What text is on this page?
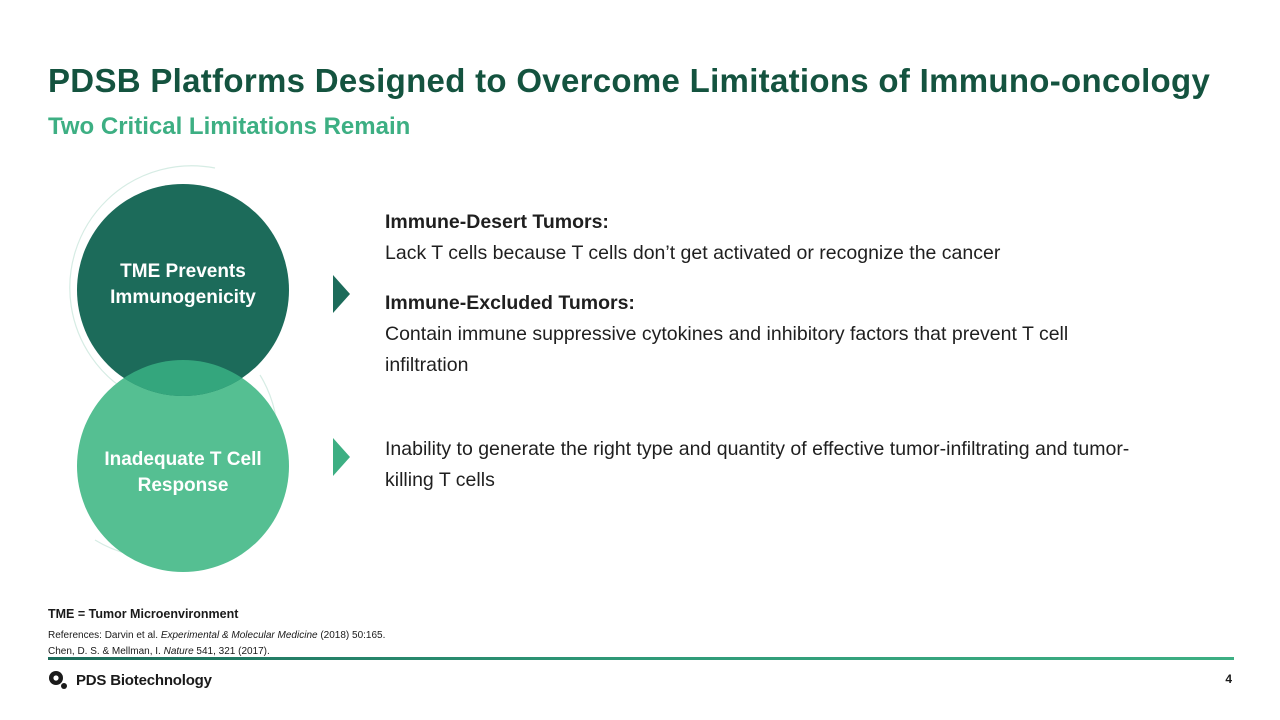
PDSB Platforms Designed to Overcome Limitations of Immuno-oncology
Two Critical Limitations Remain
TME Prevents
Immunogenicity
Inadequate T Cell
Response
Immune-Desert Tumors:
Lack T cells because T cells don’t get activated or recognize the cancer
Immune-Excluded Tumors:
Contain immune suppressive cytokines and inhibitory factors that prevent T cell infiltration
Inability to generate the right type and quantity of effective tumor-infiltrating and tumor-killing T cells
TME = Tumor Microenvironment
References: Darvin et al. Experimental & Molecular Medicine (2018) 50:165.
Chen, D. S. & Mellman, I. Nature 541, 321 (2017).
PDS Biotechnology	4
